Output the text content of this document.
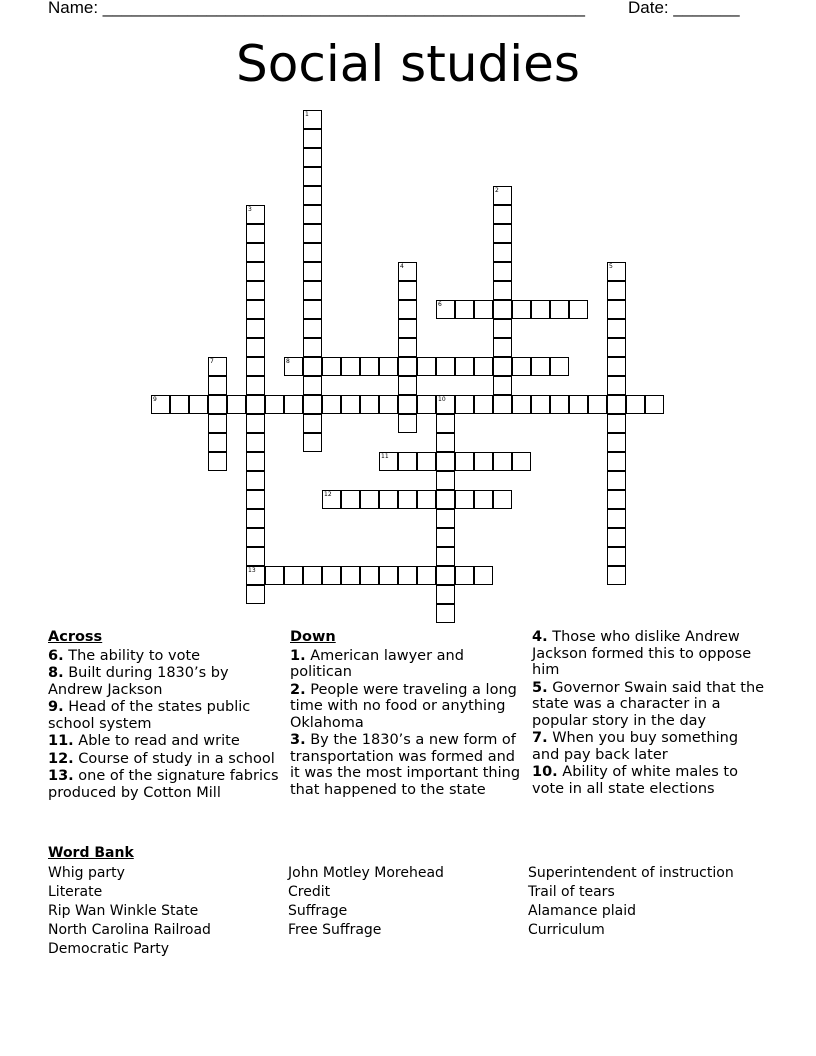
Name: ___________________________________________________	Date: _______
Social studies
1
2
3
13
4	5
6
7	8
9	10
11
12
Across
6. The ability to vote
8. Built during 1830’s by Andrew Jackson
9. Head of the states public school system
11. Able to read and write
12. Course of study in a school
13. one of the signature fabrics produced by Cotton Mill
Down
1. American lawyer and politican
2. People were traveling a long time with no food or anything Oklahoma
3. By the 1830’s a new form of transportation was formed and it was the most important thing that happened to the state
4. Those who dislike Andrew Jackson formed this to oppose him
5. Governor Swain said that the state was a character in a popular story in the day
7. When you buy something and pay back later
10. Ability of white males to vote in all state elections
Word Bank
Whig party
Literate
Rip Wan Winkle State
North Carolina Railroad
Democratic Party
John Motley Morehead
Credit
Suffrage
Free Suffrage
Superintendent of instruction
Trail of tears
Alamance plaid
Curriculum
